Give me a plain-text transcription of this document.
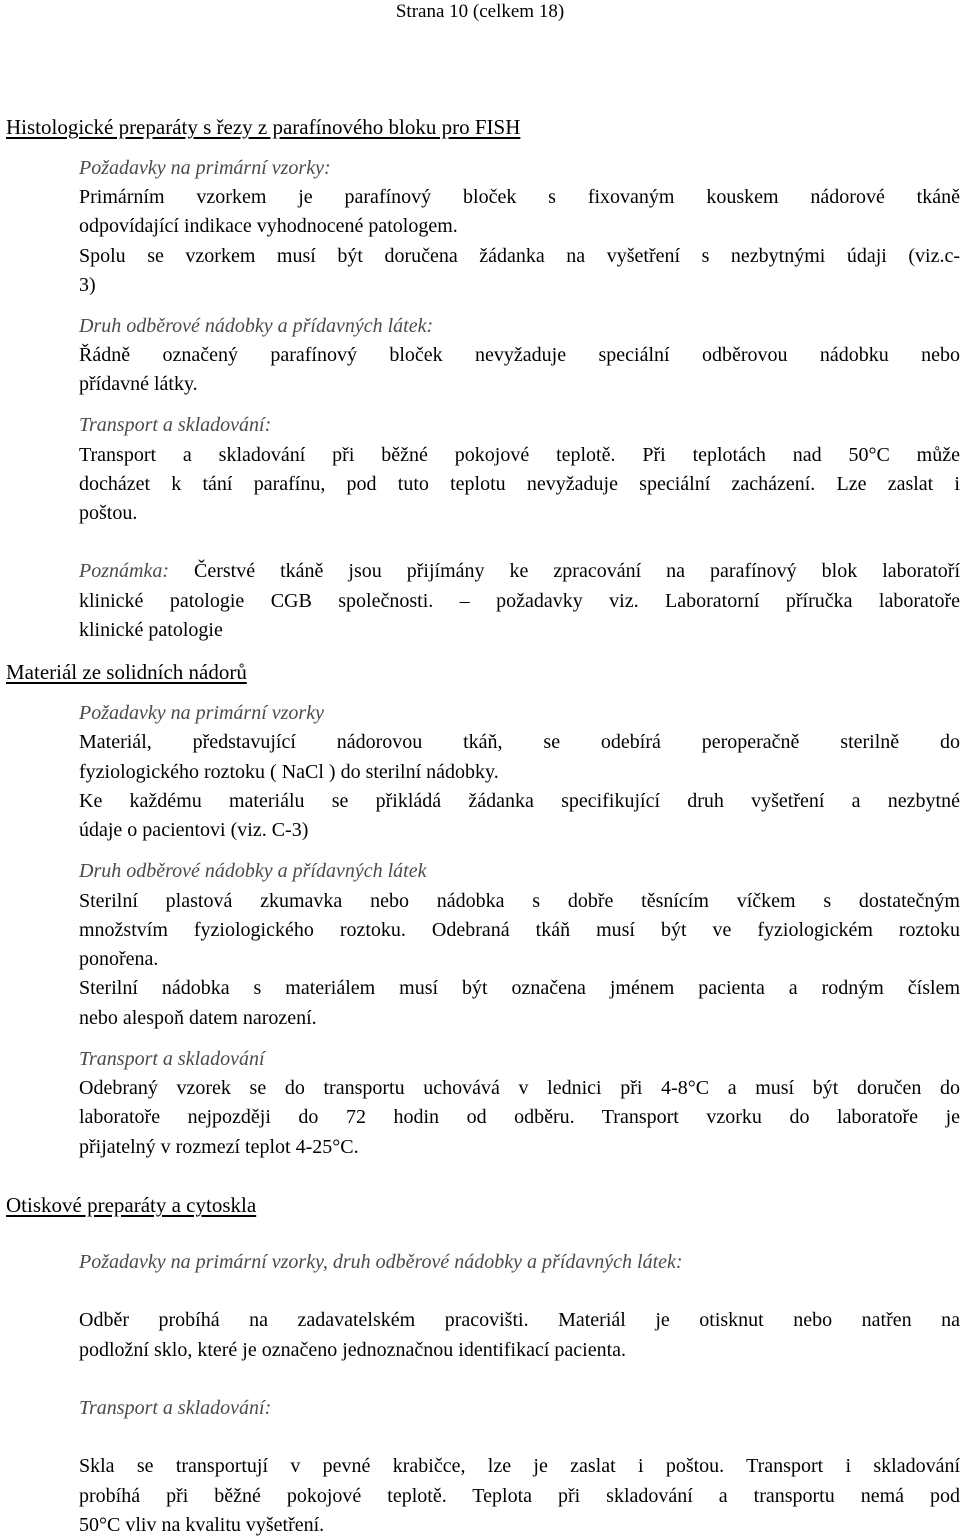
Strana 10 (celkem 18)
Histologické preparáty s řezy z parafínového bloku pro FISH
Požadavky na primární vzorky:
Primárním vzorkem je parafínový bloček s fixovaným kouskem nádorové tkáně
odpovídající indikace vyhodnocené patologem.
Spolu se vzorkem musí být doručena žádanka na vyšetření s nezbytnými údaji (viz.c-
3)
Druh odběrové nádobky a přídavných látek:
Řádně označený parafínový bloček nevyžaduje speciální odběrovou nádobku nebo
přídavné látky.
Transport a skladování:
Transport a skladování při běžné pokojové teplotě. Při teplotách nad 50°C může
docházet k tání parafínu, pod tuto teplotu nevyžaduje speciální zacházení. Lze zaslat i
poštou.
Poznámka: Čerstvé tkáně jsou přijímány ke zpracování na parafínový blok laboratoří
klinické patologie CGB společnosti. – požadavky viz. Laboratorní příručka laboratoře
klinické patologie
Materiál ze solidních nádorů
Požadavky na primární vzorky
Materiál, představující nádorovou tkáň, se odebírá peroperačně sterilně do
fyziologického roztoku ( NaCl ) do sterilní nádobky.
Ke každému materiálu se přikládá žádanka specifikující druh vyšetření a nezbytné
údaje o pacientovi (viz. C-3)
Druh odběrové nádobky a přídavných látek
Sterilní plastová zkumavka nebo nádobka s dobře těsnícím víčkem s dostatečným
množstvím fyziologického roztoku. Odebraná tkáň musí být ve fyziologickém roztoku
ponořena.
Sterilní nádobka s materiálem musí být označena jménem pacienta a rodným číslem
nebo alespoň datem narození.
Transport a skladování
Odebraný vzorek se do transportu uchovává v lednici při 4-8°C a musí být doručen do
laboratoře nejpozději do 72 hodin od odběru. Transport vzorku do laboratoře je
přijatelný v rozmezí teplot 4-25°C.
Otiskové preparáty a cytoskla
Požadavky na primární vzorky, druh odběrové nádobky a přídavných látek:
Odběr probíhá na zadavatelském pracovišti. Materiál je otisknut nebo natřen na
podložní sklo, které je označeno jednoznačnou identifikací pacienta.
Transport a skladování:
Skla se transportují v pevné krabičce, lze je zaslat i poštou. Transport i skladování
probíhá při běžné pokojové teplotě. Teplota při skladování a transportu nemá pod
50°C vliv na kvalitu vyšetření.
